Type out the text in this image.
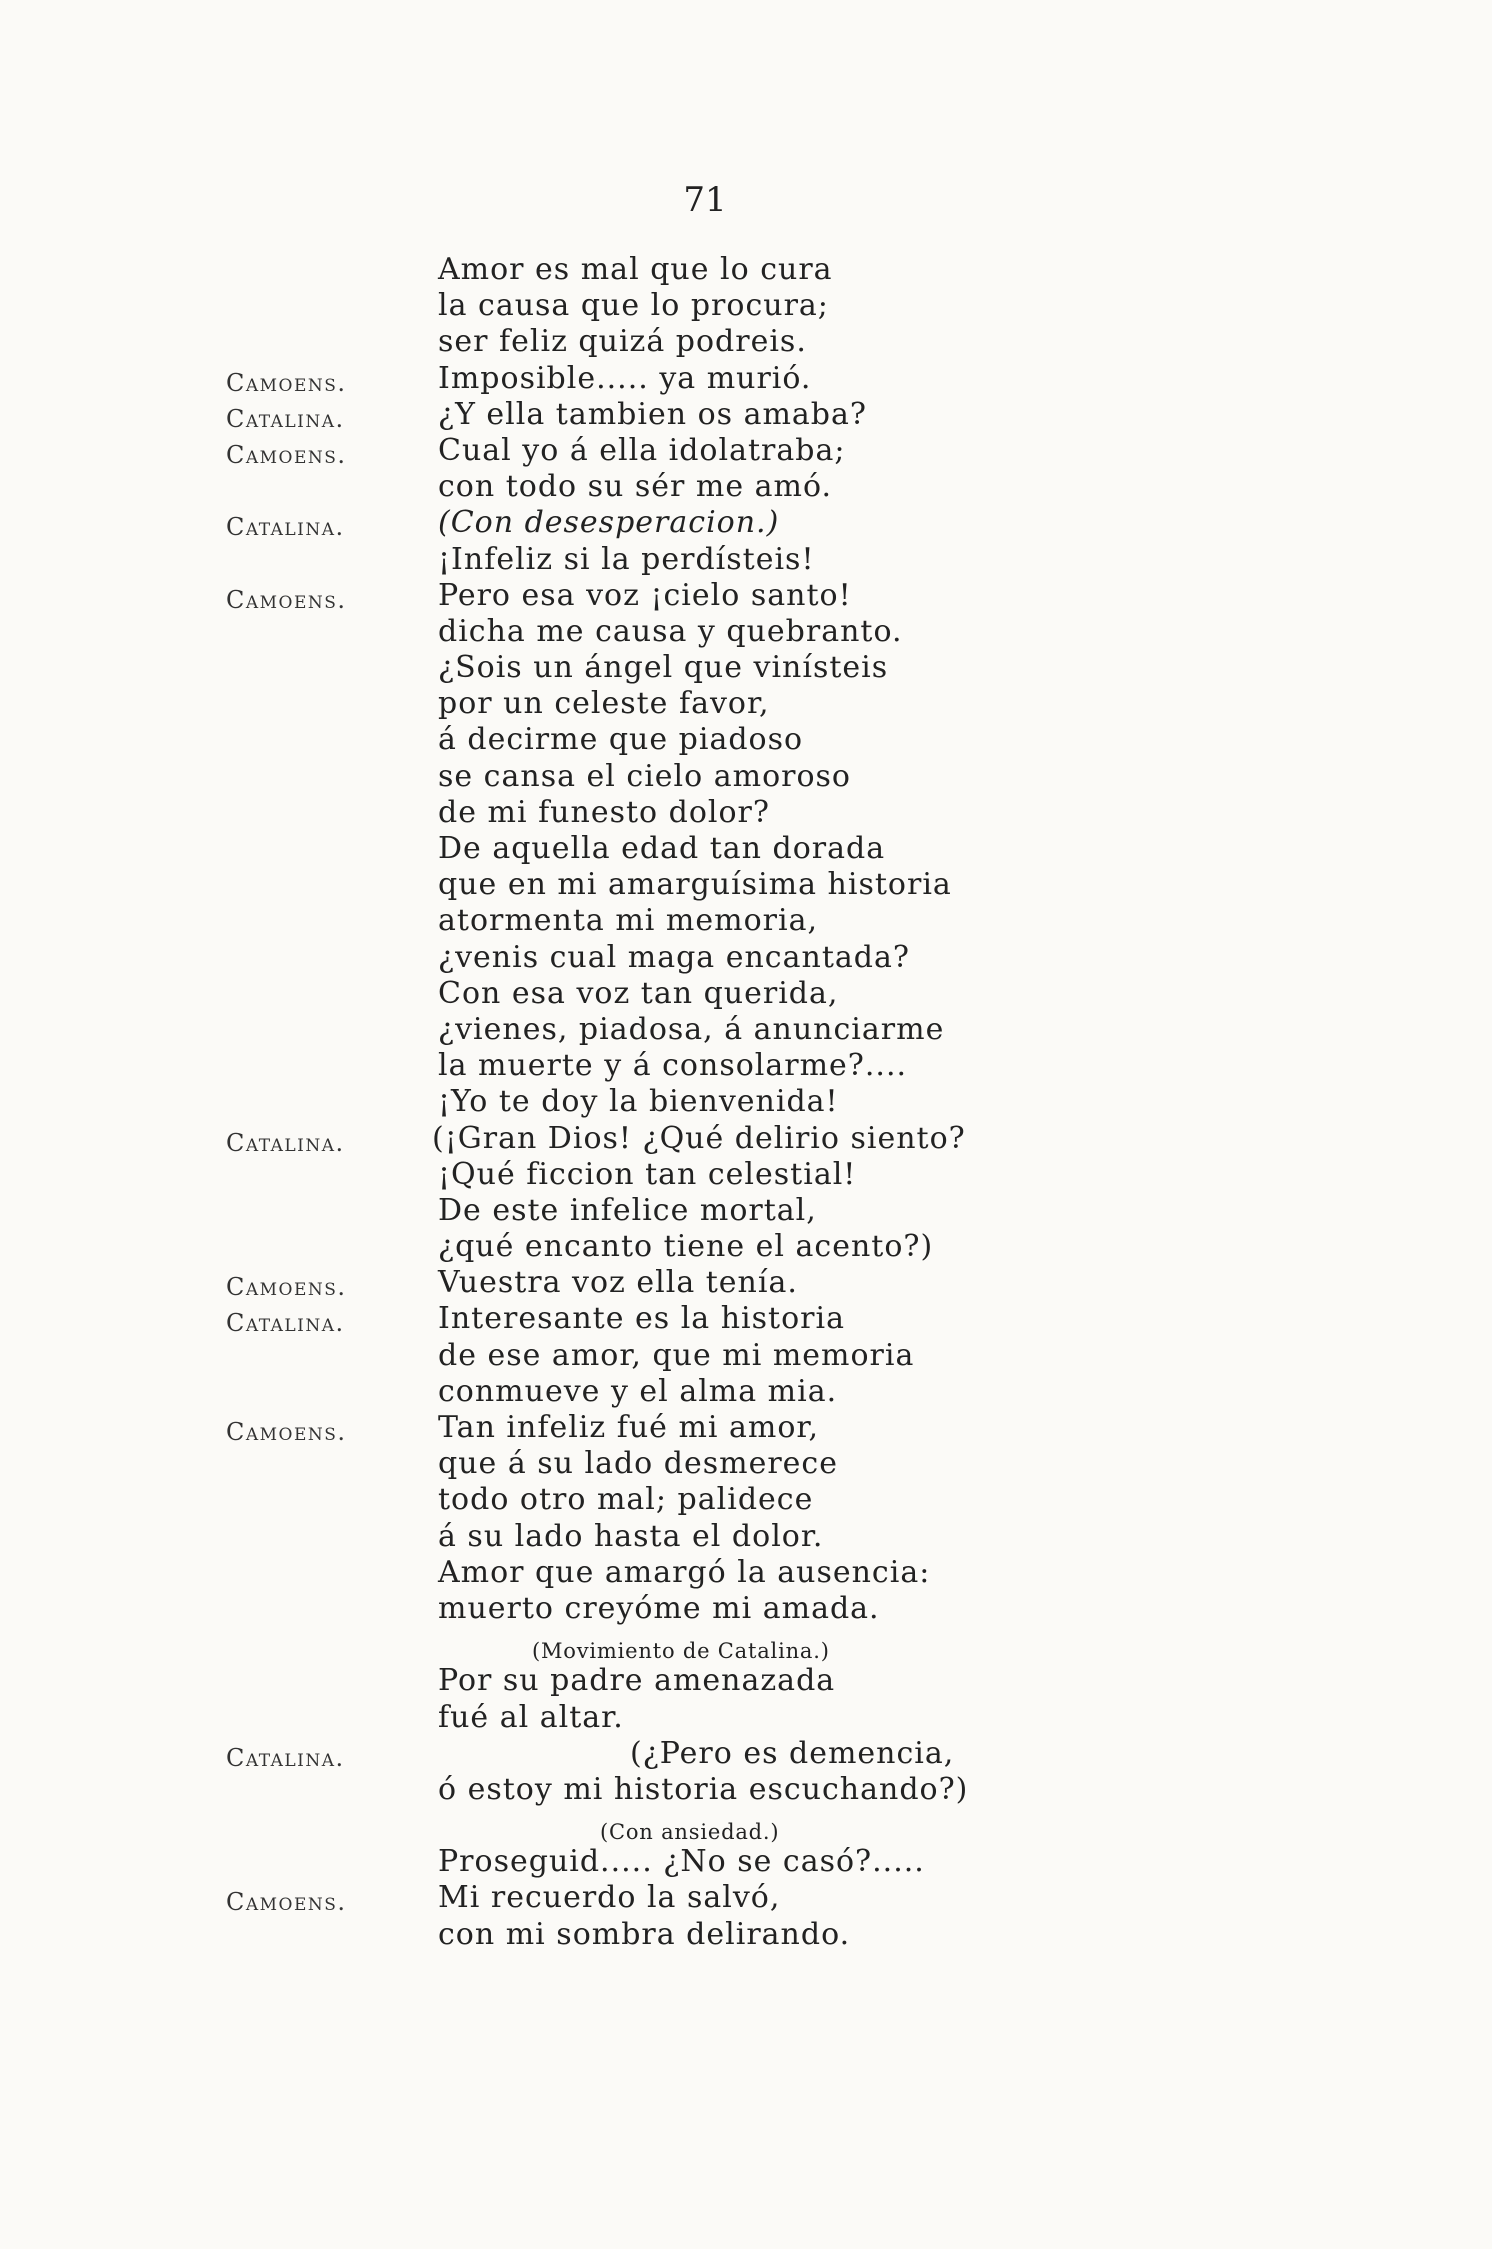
71
Amor es mal que lo cura
la causa que lo procura;
ser feliz quizá podreis.
Camoens.	Imposible..... ya murió.
Catalina.	¿Y ella tambien os amaba?
Camoens.	Cual yo á ella idolatraba;
con todo su sér me amó.
Catalina.	(Con desesperacion.)
¡Infeliz si la perdísteis!
Camoens.	Pero esa voz ¡cielo santo!
dicha me causa y quebranto.
¿Sois un ángel que vinísteis
por un celeste favor,
á decirme que piadoso
se cansa el cielo amoroso
de mi funesto dolor?
De aquella edad tan dorada
que en mi amarguísima historia
atormenta mi memoria,
¿venis cual maga encantada?
Con esa voz tan querida,
¿vienes, piadosa, á anunciarme
la muerte y á consolarme?....
¡Yo te doy la bienvenida!
Catalina.	(¡Gran Dios! ¿Qué delirio siento?
¡Qué ficcion tan celestial!
De este infelice mortal,
¿qué encanto tiene el acento?)
Camoens.	Vuestra voz ella tenía.
Catalina.	Interesante es la historia
de ese amor, que mi memoria
conmueve y el alma mia.
Camoens.	Tan infeliz fué mi amor,
que á su lado desmerece
todo otro mal; palidece
á su lado hasta el dolor.
Amor que amargó la ausencia:
muerto creyóme mi amada.
(Movimiento de Catalina.)
Por su padre amenazada
fué al altar.
Catalina.	(¿Pero es demencia,
ó estoy mi historia escuchando?)
(Con ansiedad.)
Proseguid..... ¿No se casó?.....
Camoens.	Mi recuerdo la salvó,
con mi sombra delirando.
